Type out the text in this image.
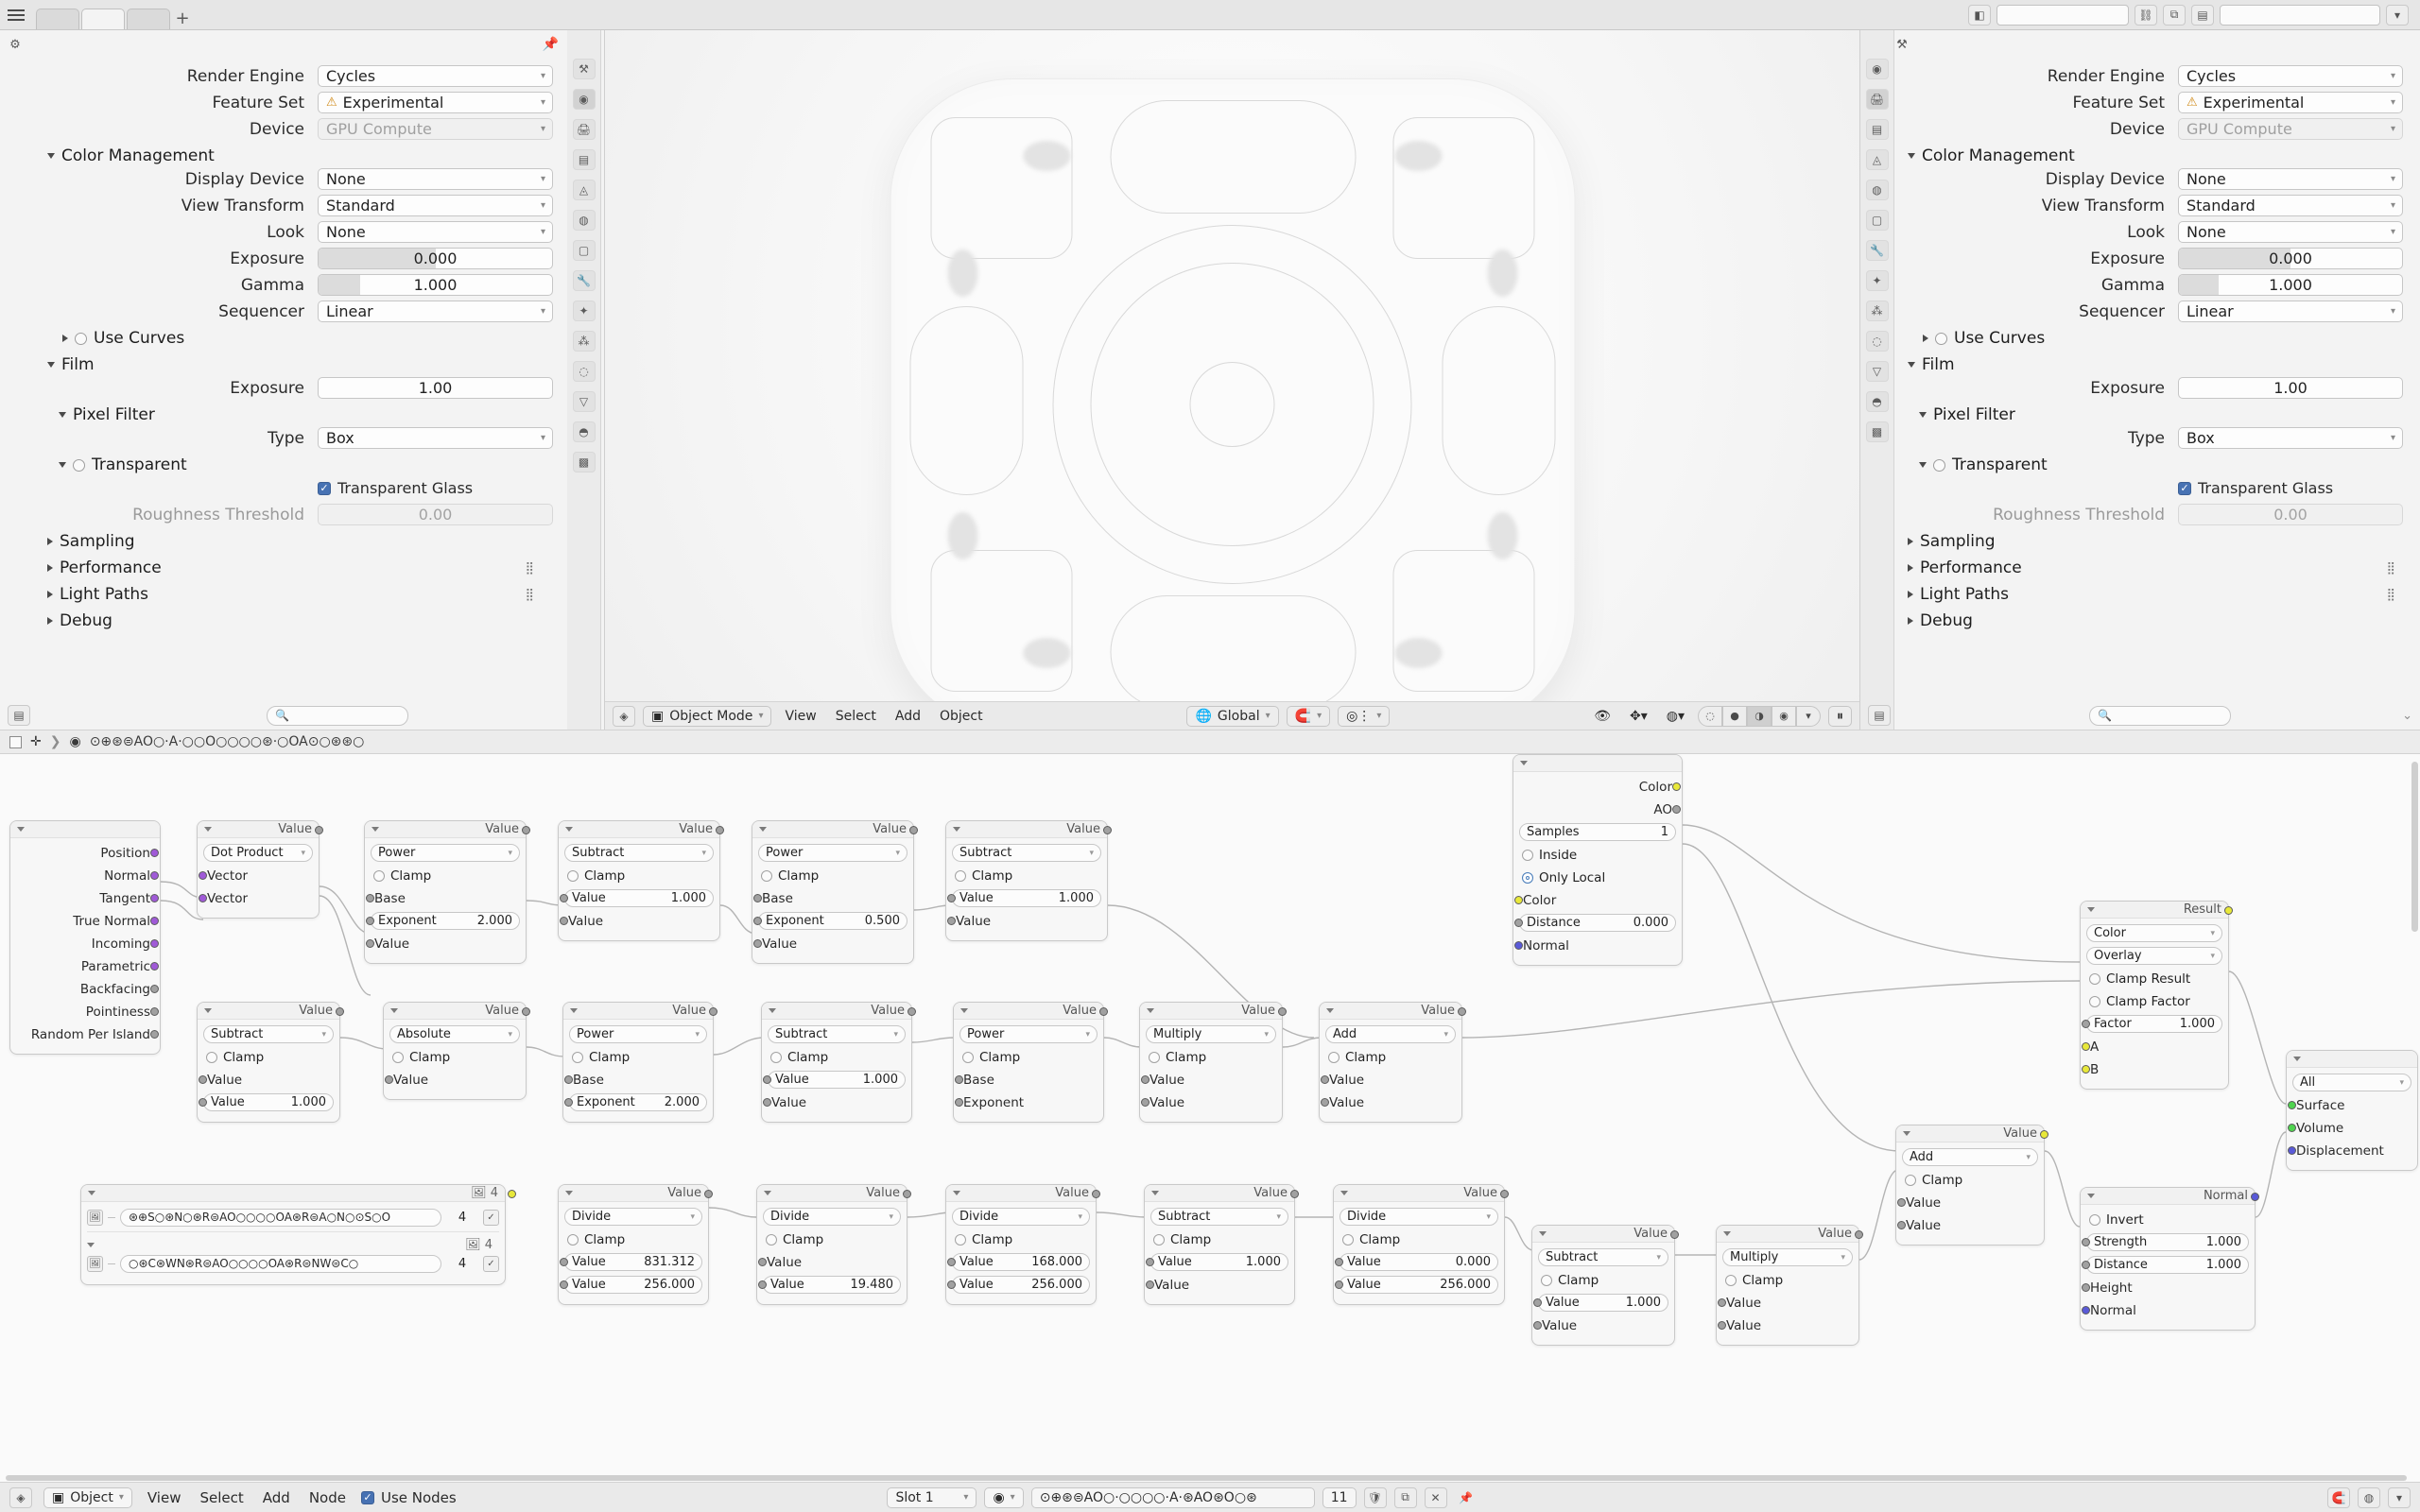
+	◧	⛓	⧉	▤	▾
⚙	📌
⚒
◉
🖨
▤
◬
◍
▢
🔧
✦
⁂
◌
▽
◓
▩
Render Engine	Cycles	▾
Feature Set	⚠ Experimental	▾
Device	GPU Compute	▾
Color Management
Display Device	None	▾
View Transform	Standard	▾
Look	None	▾
Exposure	0.000
Gamma	1.000
Sequencer	Linear	▾
Use Curves
Film
Exposure	1.00
Pixel Filter
Type	Box	▾
Transparent
✓ Transparent Glass
Roughness Threshold	0.00
Sampling
Performance	⣿
Light Paths	⣿
Debug
▤	🔍	◈	▣ Object Mode ▾	View	Select	Add	Object	🌐 Global ▾	🧲 ▾	◎⋮ ▾	👁	✥▾	◍▾	◌	●	◑	◉	▾	⏸
⚒
◉
🖨
▤
◬
◍
▢
🔧
✦
⁂
◌
▽
◓
▩
Render Engine	Cycles	▾
Feature Set	⚠ Experimental	▾
Device	GPU Compute	▾
Color Management
Display Device	None	▾
View Transform	Standard	▾
Look	None	▾
Exposure	0.000
Gamma	1.000
Sequencer	Linear	▾
Use Curves
Film
Exposure	1.00
Pixel Filter
Type	Box	▾
Transparent
✓ Transparent Glass
Roughness Threshold	0.00
Sampling
Performance	⣿
Light Paths	⣿
Debug
▤	🔍	⌄
✛ ❯ ◉ ⊙⊕⊛⊜AO○·A·○○O○○○○⊛·○OA⊙○⊛⊛○
Position
Normal
Tangent
True Normal
Incoming
Parametric
Backfacing
Pointiness
Random Per Island
Value
Dot Product ▾
Vector
Vector
Value
Power	▾
Clamp
Base
Exponent	2.000
Value
Value
Subtract	▾
Clamp
Value	1.000
Value
Value
Power	▾
Clamp
Base
Exponent	0.500
Value
Value
Subtract	▾
Clamp
Value	1.000
Value
Color
AO
Samples	1
Inside
Only Local
Color
Distance	0.000
Normal
Value
Subtract	▾
Clamp
Value
Value	1.000
Value
Absolute	▾
Clamp
Value
Value
Power	▾
Clamp
Base
Exponent 2.000
Value
Subtract	▾
Clamp
Value	1.000
Value
Value
Power	▾
Clamp
Base
Exponent
Value
Multiply	▾
Clamp
Value
Value
Value
Add	▾
Clamp
Value
Value
Result
Color	▾
Overlay	▾
Clamp Result
Clamp Factor
Factor	1.000
A
B
All	▾
Surface
Volume
Displacement
Value
Add	▾
Clamp
Value
Value
Normal
Invert
Strength	1.000
Distance	1.000
Height
Normal
🖼 4
🖼	⊛⊕S○⊛N○⊛R⊜AO○○○○OA⊛R⊜A○N○⊙S○O	4	✓
🖼 4
🖼	○⊛C⊛WN⊛R⊜AO○○○○OA⊛R⊜NW⊜C○	4	✓
Value
Divide	▾
Clamp
Value	831.312
Value	256.000
Value
Divide	▾
Clamp
Value
Value	19.480
Value
Divide	▾
Clamp
Value	168.000
Value	256.000
Value
Subtract	▾
Clamp
Value	1.000
Value
Value
Divide	▾
Clamp
Value	0.000
Value	256.000
Value
Subtract	▾
Clamp
Value	1.000
Value
Value
Multiply	▾
Clamp
Value
Value
◈	▣ Object ▾ View Select Add Node	✓ Use Nodes	Slot 1	▾	◉ ▾ ⊙⊕⊛⊜AO○·○○○○·A·⊛AO⊛O○⊛	11	🛡	⧉	✕	📌	🧲	◍	▾
